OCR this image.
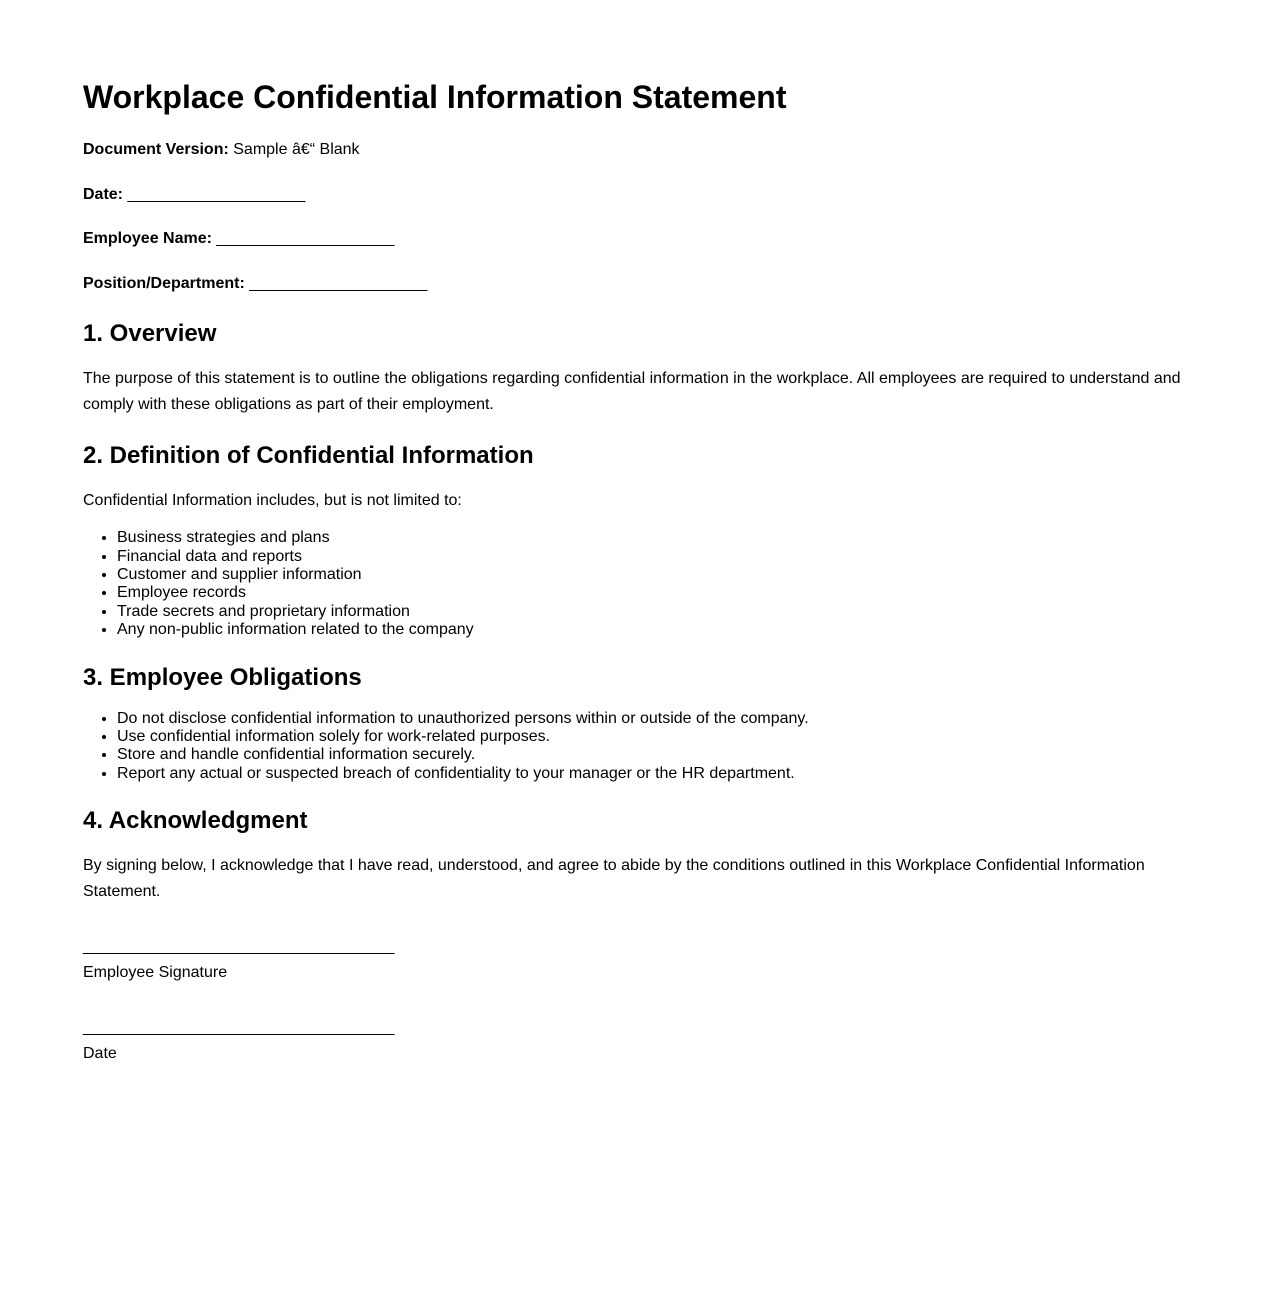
Workplace Confidential Information Statement

Document Version: Sample â€“ Blank

Date: ____________________

Employee Name: ____________________

Position/Department: ____________________

1. Overview

The purpose of this statement is to outline the obligations regarding confidential information in the workplace. All employees are required to understand and comply with these obligations as part of their employment.

2. Definition of Confidential Information

Confidential Information includes, but is not limited to:

• Business strategies and plans
• Financial data and reports
• Customer and supplier information
• Employee records
• Trade secrets and proprietary information
• Any non-public information related to the company
3. Employee Obligations
• Do not disclose confidential information to unauthorized persons within or outside of the company.
• Use confidential information solely for work-related purposes.
• Store and handle confidential information securely.
• Report any actual or suspected breach of confidentiality to your manager or the HR department.
4. Acknowledgment

By signing below, I acknowledge that I have read, understood, and agree to abide by the conditions outlined in this Workplace Confidential Information Statement.

___________________________________
Employee Signature

___________________________________
Date
